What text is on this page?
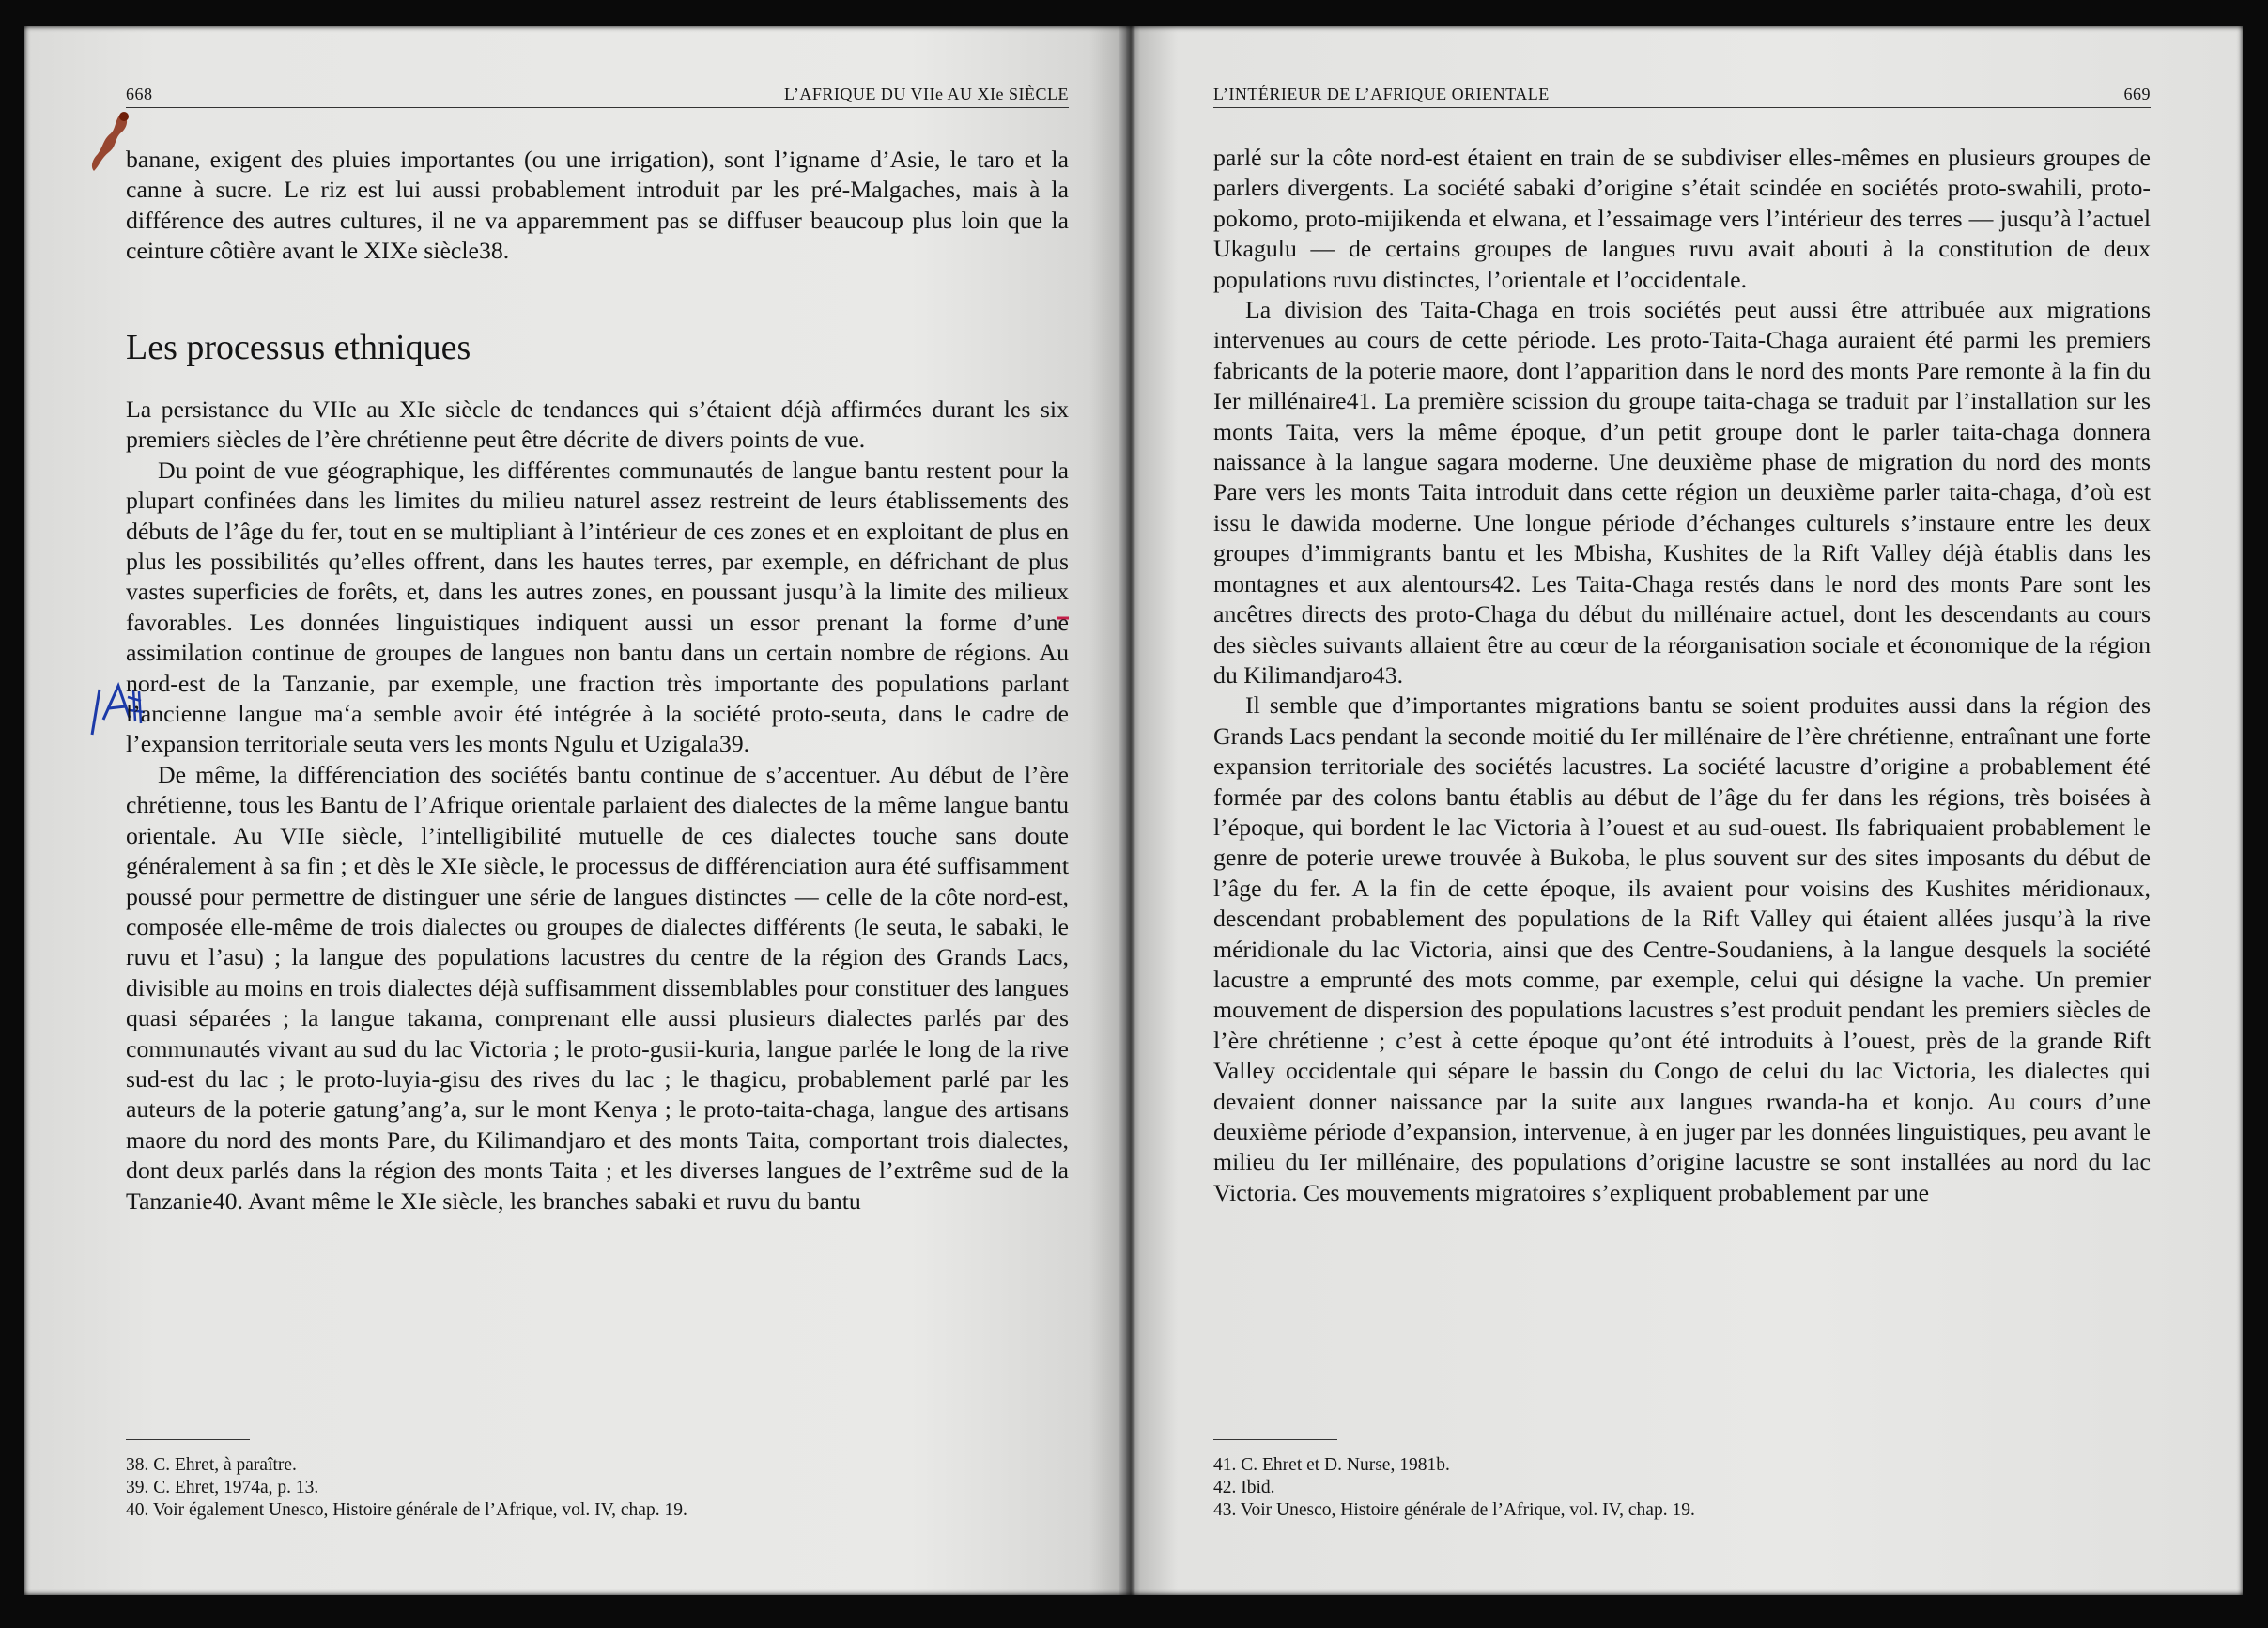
668	L’AFRIQUE DU VIIe AU XIe SIÈCLE

banane, exigent des pluies importantes (ou une irrigation), sont l’igname d’Asie, le taro et la canne à sucre. Le riz est lui aussi probablement introduit par les pré-Malgaches, mais à la différence des autres cultures, il ne va apparemment pas se diffuser beaucoup plus loin que la ceinture côtière avant le XIXe siècle38.

Les processus ethniques

La persistance du VIIe au XIe siècle de tendances qui s’étaient déjà affirmées durant les six premiers siècles de l’ère chrétienne peut être décrite de divers points de vue.

Du point de vue géographique, les différentes communautés de langue bantu restent pour la plupart confinées dans les limites du milieu naturel assez restreint de leurs établissements des débuts de l’âge du fer, tout en se multipliant à l’intérieur de ces zones et en exploitant de plus en plus les possibilités qu’elles offrent, dans les hautes terres, par exemple, en défrichant de plus vastes superficies de forêts, et, dans les autres zones, en poussant jusqu’à la limite des milieux favorables. Les données linguistiques indiquent aussi un essor prenant la forme d’une assimilation continue de groupes de langues non bantu dans un certain nombre de régions. Au nord-est de la Tanzanie, par exemple, une fraction très importante des populations parlant l’ancienne langue ma‘a semble avoir été intégrée à la société proto-seuta, dans le cadre de l’expansion territoriale seuta vers les monts Ngulu et Uzigala39.

De même, la différenciation des sociétés bantu continue de s’accentuer. Au début de l’ère chrétienne, tous les Bantu de l’Afrique orientale parlaient des dialectes de la même langue bantu orientale. Au VIIe siècle, l’intelligibilité mutuelle de ces dialectes touche sans doute généralement à sa fin ; et dès le XIe siècle, le processus de différenciation aura été suffisamment poussé pour permettre de distinguer une série de langues distinctes — celle de la côte nord-est, composée elle-même de trois dialectes ou groupes de dialectes différents (le seuta, le sabaki, le ruvu et l’asu) ; la langue des populations lacustres du centre de la région des Grands Lacs, divisible au moins en trois dialectes déjà suffisamment dissemblables pour constituer des langues quasi séparées ; la langue takama, comprenant elle aussi plusieurs dialectes parlés par des communautés vivant au sud du lac Victoria ; le proto-gusii-kuria, langue parlée le long de la rive sud-est du lac ; le proto-luyia-gisu des rives du lac ; le thagicu, probablement parlé par les auteurs de la poterie gatung’ang’a, sur le mont Kenya ; le proto-taita-chaga, langue des artisans maore du nord des monts Pare, du Kilimandjaro et des monts Taita, comportant trois dialectes, dont deux parlés dans la région des monts Taita ; et les diverses langues de l’extrême sud de la Tanzanie40. Avant même le XIe siècle, les branches sabaki et ruvu du bantu

38. C. Ehret, à paraître.
39. C. Ehret, 1974a, p. 13.
40. Voir également Unesco, Histoire générale de l’Afrique, vol. IV, chap. 19.
L’INTÉRIEUR DE L’AFRIQUE ORIENTALE	669

parlé sur la côte nord-est étaient en train de se subdiviser elles-mêmes en plusieurs groupes de parlers divergents. La société sabaki d’origine s’était scindée en sociétés proto-swahili, proto-pokomo, proto-mijikenda et elwana, et l’essaimage vers l’intérieur des terres — jusqu’à l’actuel Ukagulu — de certains groupes de langues ruvu avait abouti à la constitution de deux populations ruvu distinctes, l’orientale et l’occidentale.

La division des Taita-Chaga en trois sociétés peut aussi être attribuée aux migrations intervenues au cours de cette période. Les proto-Taita-Chaga auraient été parmi les premiers fabricants de la poterie maore, dont l’apparition dans le nord des monts Pare remonte à la fin du Ier millénaire41. La première scission du groupe taita-chaga se traduit par l’installation sur les monts Taita, vers la même époque, d’un petit groupe dont le parler taita-chaga donnera naissance à la langue sagara moderne. Une deuxième phase de migration du nord des monts Pare vers les monts Taita introduit dans cette région un deuxième parler taita-chaga, d’où est issu le dawida moderne. Une longue période d’échanges culturels s’instaure entre les deux groupes d’immigrants bantu et les Mbisha, Kushites de la Rift Valley déjà établis dans les montagnes et aux alentours42. Les Taita-Chaga restés dans le nord des monts Pare sont les ancêtres directs des proto-Chaga du début du millénaire actuel, dont les descendants au cours des siècles suivants allaient être au cœur de la réorganisation sociale et économique de la région du Kilimandjaro43.

Il semble que d’importantes migrations bantu se soient produites aussi dans la région des Grands Lacs pendant la seconde moitié du Ier millénaire de l’ère chrétienne, entraînant une forte expansion territoriale des sociétés lacustres. La société lacustre d’origine a probablement été formée par des colons bantu établis au début de l’âge du fer dans les régions, très boisées à l’époque, qui bordent le lac Victoria à l’ouest et au sud-ouest. Ils fabriquaient probablement le genre de poterie urewe trouvée à Bukoba, le plus souvent sur des sites imposants du début de l’âge du fer. A la fin de cette époque, ils avaient pour voisins des Kushites méridionaux, descendant probablement des populations de la Rift Valley qui étaient allées jusqu’à la rive méridionale du lac Victoria, ainsi que des Centre-Soudaniens, à la langue desquels la société lacustre a emprunté des mots comme, par exemple, celui qui désigne la vache. Un premier mouvement de dispersion des populations lacustres s’est produit pendant les premiers siècles de l’ère chrétienne ; c’est à cette époque qu’ont été introduits à l’ouest, près de la grande Rift Valley occidentale qui sépare le bassin du Congo de celui du lac Victoria, les dialectes qui devaient donner naissance par la suite aux langues rwanda-ha et konjo. Au cours d’une deuxième période d’expansion, intervenue, à en juger par les données linguistiques, peu avant le milieu du Ier millénaire, des populations d’origine lacustre se sont installées au nord du lac Victoria. Ces mouvements migratoires s’expliquent probablement par une

41. C. Ehret et D. Nurse, 1981b.
42. Ibid.
43. Voir Unesco, Histoire générale de l’Afrique, vol. IV, chap. 19.
